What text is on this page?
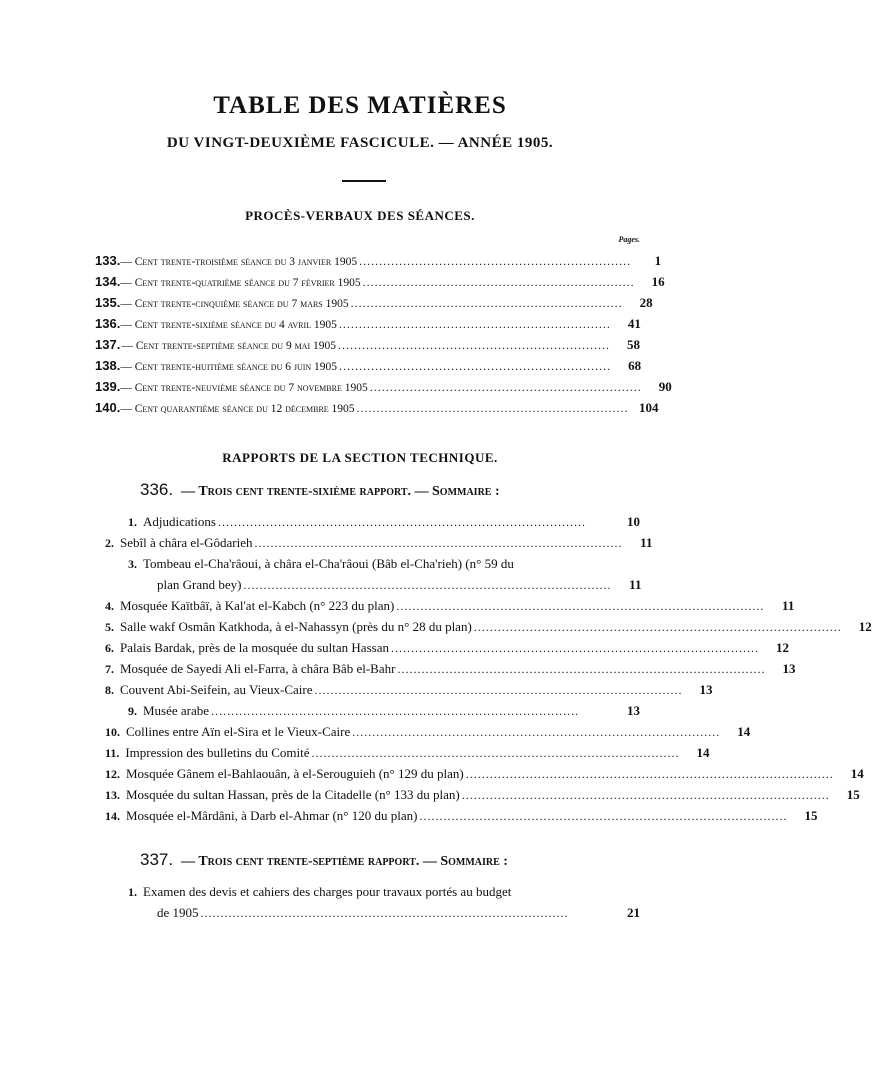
TABLE DES MATIÈRES
DU VINGT-DEUXIÈME FASCICULE. — ANNÉE 1905.
PROCÈS-VERBAUX DES SÉANCES.
Pages.
133. — Cent trente-troisième séance du 3 janvier 1905 ....................................................................	1
134. — Cent trente-quatrième séance du 7 février 1905 ....................................................................	16
135. — Cent trente-cinquième séance du 7 mars 1905 ....................................................................	28
136. — Cent trente-sixième séance du 4 avril 1905 ....................................................................	41
137. — Cent trente-septième séance du 9 mai 1905 ....................................................................	58
138. — Cent trente-huitième séance du 6 juin 1905 ....................................................................	68
139. — Cent trente-neuvième séance du 7 novembre 1905 ....................................................................	90
140. — Cent quarantième séance du 12 décembre 1905 .................................................................... 104
RAPPORTS DE LA SECTION TECHNIQUE.
336. — Trois cent trente-sixième rapport. — Sommaire :
1. Adjudications ............................................................................................	10
2. Sebîl à châra el-Gôdarieh ............................................................................................	11
3. Tombeau el-Cha'râoui, à châra el-Cha'râoui (Bâb el-Cha'rieh) (n° 59 du
plan Grand bey) ............................................................................................	11
4. Mosquée Kaïtbâï, à Kal'at el-Kabch (n° 223 du plan) ............................................................................................	11
5. Salle wakf Osmân Katkhoda, à el-Nahassyn (près du n° 28 du plan) ............................................................................................	12
6. Palais Bardak, près de la mosquée du sultan Hassan ............................................................................................	12
7. Mosquée de Sayedi Ali el-Farra, à châra Bâb el-Bahr ............................................................................................	13
8. Couvent Abi-Seifein, au Vieux-Caire ............................................................................................	13
9. Musée arabe ............................................................................................	13
10. Collines entre Aïn el-Sira et le Vieux-Caire ............................................................................................	14
11. Impression des bulletins du Comité ............................................................................................	14
12. Mosquée Gânem el-Bahlaouân, à el-Serouguieh (n° 129 du plan) ............................................................................................	14
13. Mosquée du sultan Hassan, près de la Citadelle (n° 133 du plan) ............................................................................................	15
14. Mosquée el-Mârdâni, à Darb el-Ahmar (n° 120 du plan) ............................................................................................	15
337. — Trois cent trente-septième rapport. — Sommaire :
1. Examen des devis et cahiers des charges pour travaux portés au budget
de 1905 ............................................................................................	21
